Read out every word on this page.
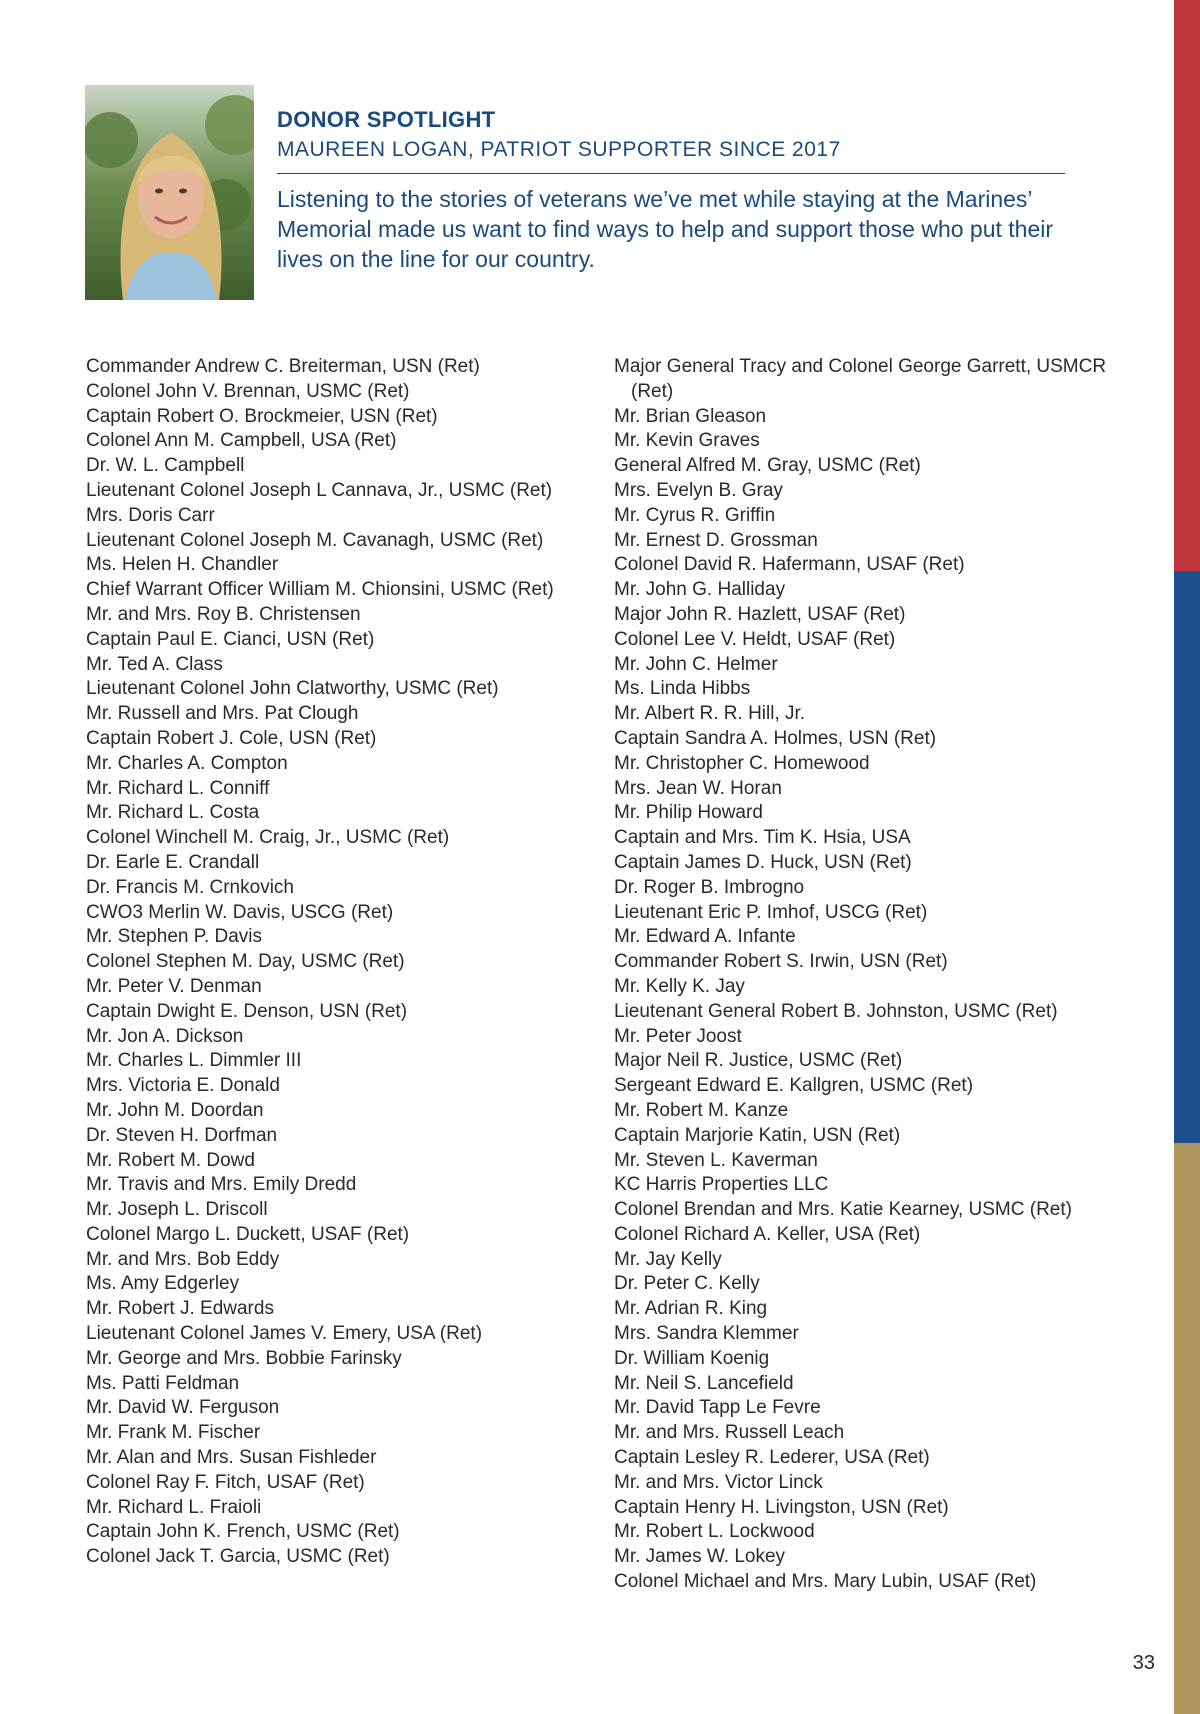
DONOR SPOTLIGHT

MAUREEN LOGAN, PATRIOT SUPPORTER SINCE 2017

Listening to the stories of veterans we’ve met while staying at the Marines’ Memorial made us want to find ways to help and support those who put their lives on the line for our country.

Commander Andrew C. Breiterman, USN (Ret)
Colonel John V. Brennan, USMC (Ret)
Captain Robert O. Brockmeier, USN (Ret)
Colonel Ann M. Campbell, USA (Ret)
Dr. W. L. Campbell
Lieutenant Colonel Joseph L Cannava, Jr., USMC (Ret)
Mrs. Doris Carr
Lieutenant Colonel Joseph M. Cavanagh, USMC (Ret)
Ms. Helen H. Chandler
Chief Warrant Officer William M. Chionsini, USMC (Ret)
Mr. and Mrs. Roy B. Christensen
Captain Paul E. Cianci, USN (Ret)
Mr. Ted A. Class
Lieutenant Colonel John Clatworthy, USMC (Ret)
Mr. Russell and Mrs. Pat Clough
Captain Robert J. Cole, USN (Ret)
Mr. Charles A. Compton
Mr. Richard L. Conniff
Mr. Richard L. Costa
Colonel Winchell M. Craig, Jr., USMC (Ret)
Dr. Earle E. Crandall
Dr. Francis M. Crnkovich
CWO3 Merlin W. Davis, USCG (Ret)
Mr. Stephen P. Davis
Colonel Stephen M. Day, USMC (Ret)
Mr. Peter V. Denman
Captain Dwight E. Denson, USN (Ret)
Mr. Jon A. Dickson
Mr. Charles L. Dimmler III
Mrs. Victoria E. Donald
Mr. John M. Doordan
Dr. Steven H. Dorfman
Mr. Robert M. Dowd
Mr. Travis and Mrs. Emily Dredd
Mr. Joseph L. Driscoll
Colonel Margo L. Duckett, USAF (Ret)
Mr. and Mrs. Bob Eddy
Ms. Amy Edgerley
Mr. Robert J. Edwards
Lieutenant Colonel James V. Emery, USA (Ret)
Mr. George and Mrs. Bobbie Farinsky
Ms. Patti Feldman
Mr. David W. Ferguson
Mr. Frank M. Fischer
Mr. Alan and Mrs. Susan Fishleder
Colonel Ray F. Fitch, USAF (Ret)
Mr. Richard L. Fraioli
Captain John K. French, USMC (Ret)
Colonel Jack T. Garcia, USMC (Ret)
Major General Tracy and Colonel George Garrett, USMCR (Ret)
Mr. Brian Gleason
Mr. Kevin Graves
General Alfred M. Gray, USMC (Ret)
Mrs. Evelyn B. Gray
Mr. Cyrus R. Griffin
Mr. Ernest D. Grossman
Colonel David R. Hafermann, USAF (Ret)
Mr. John G. Halliday
Major John R. Hazlett, USAF (Ret)
Colonel Lee V. Heldt, USAF (Ret)
Mr. John C. Helmer
Ms. Linda Hibbs
Mr. Albert R. R. Hill, Jr.
Captain Sandra A. Holmes, USN (Ret)
Mr. Christopher C. Homewood
Mrs. Jean W. Horan
Mr. Philip Howard
Captain and Mrs. Tim K. Hsia, USA
Captain James D. Huck, USN (Ret)
Dr. Roger B. Imbrogno
Lieutenant Eric P. Imhof, USCG (Ret)
Mr. Edward A. Infante
Commander Robert S. Irwin, USN (Ret)
Mr. Kelly K. Jay
Lieutenant General Robert B. Johnston, USMC (Ret)
Mr. Peter Joost
Major Neil R. Justice, USMC (Ret)
Sergeant Edward E. Kallgren, USMC (Ret)
Mr. Robert M. Kanze
Captain Marjorie Katin, USN (Ret)
Mr. Steven L. Kaverman
KC Harris Properties LLC
Colonel Brendan and Mrs. Katie Kearney, USMC (Ret)
Colonel Richard A. Keller, USA (Ret)
Mr. Jay Kelly
Dr. Peter C. Kelly
Mr. Adrian R. King
Mrs. Sandra Klemmer
Dr. William Koenig
Mr. Neil S. Lancefield
Mr. David Tapp Le Fevre
Mr. and Mrs. Russell Leach
Captain Lesley R. Lederer, USA (Ret)
Mr. and Mrs. Victor Linck
Captain Henry H. Livingston, USN (Ret)
Mr. Robert L. Lockwood
Mr. James W. Lokey
Colonel Michael and Mrs. Mary Lubin, USAF (Ret)
33
